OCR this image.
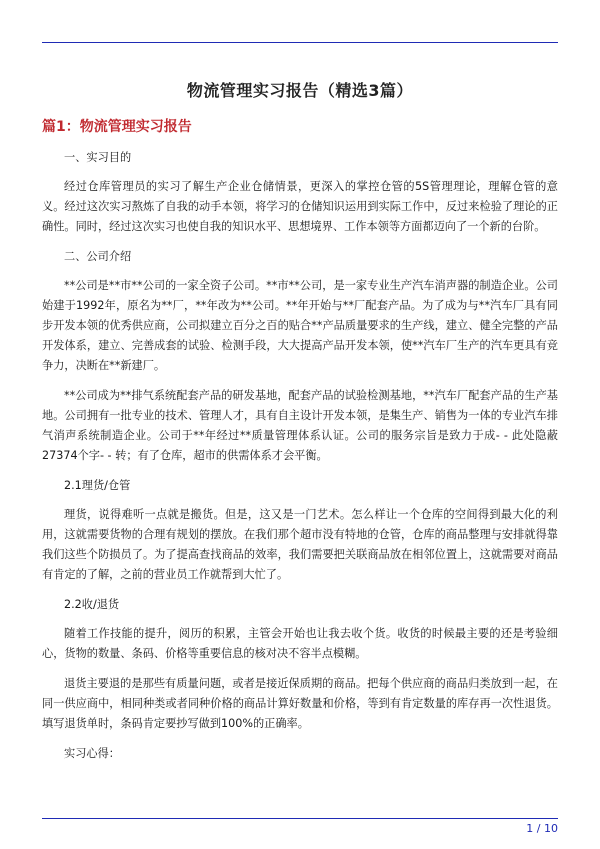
物流管理实习报告（精选3篇）
篇1：物流管理实习报告

一、实习目的

经过仓库管理员的实习了解生产企业仓储情景，更深入的掌控仓管的5S管理理论，理解仓管的意义。经过这次实习熬炼了自我的动手本领，将学习的仓储知识运用到实际工作中，反过来检验了理论的正确性。同时，经过这次实习也使自我的知识水平、思想境界、工作本领等方面都迈向了一个新的台阶。

二、公司介绍

**公司是**市**公司的一家全资子公司。**市**公司，是一家专业生产汽车消声器的制造企业。公司始建于1992年，原名为**厂，**年改为**公司。**年开始与**厂配套产品。为了成为与**汽车厂具有同步开发本领的优秀供应商，公司拟建立百分之百的贴合**产品质量要求的生产线，建立、健全完整的产品开发体系，建立、完善成套的试验、检测手段，大大提高产品开发本领，使**汽车厂生产的汽车更具有竞争力，决断在**新建厂。

**公司成为**排气系统配套产品的研发基地，配套产品的试验检测基地，**汽车厂配套产品的生产基地。公司拥有一批专业的技术、管理人才，具有自主设计开发本领，是集生产、销售为一体的专业汽车排气消声系统制造企业。公司于**年经过**质量管理体系认证。公司的服务宗旨是致力于成- - 此处隐蔽27374个字- - 转；有了仓库，超市的供需体系才会平衡。

2.1理货/仓管

理货，说得难听一点就是搬货。但是，这又是一门艺术。怎么样让一个仓库的空间得到最大化的利用，这就需要货物的合理有规划的摆放。在我们那个超市没有特地的仓管，仓库的商品整理与安排就得靠我们这些个防损员了。为了提高查找商品的效率，我们需要把关联商品放在相邻位置上，这就需要对商品有肯定的了解，之前的营业员工作就帮到大忙了。

2.2收/退货

随着工作技能的提升，阅历的积累，主管会开始也让我去收个货。收货的时候最主要的还是考验细心，货物的数量、条码、价格等重要信息的核对决不容半点模糊。

退货主要退的是那些有质量问题，或者是接近保质期的商品。把每个供应商的商品归类放到一起，在同一供应商中，相同种类或者同种价格的商品计算好数量和价格，等到有肯定数量的库存再一次性退货。填写退货单时，条码肯定要抄写做到100%的正确率。

实习心得：

1 / 10
